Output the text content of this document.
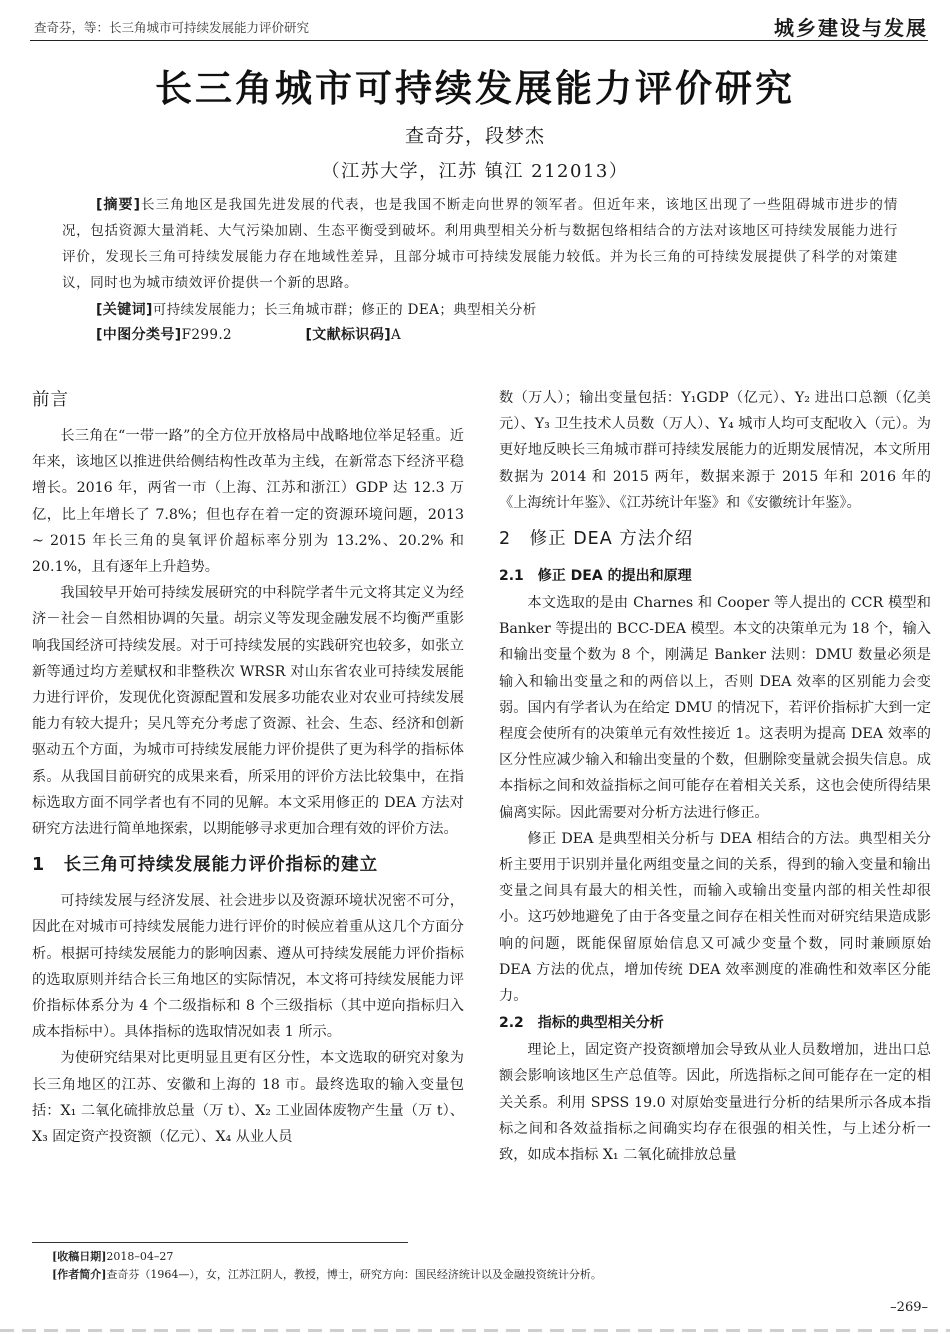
查奇芬，等：长三角城市可持续发展能力评价研究	城乡建设与发展
长三角城市可持续发展能力评价研究
查奇芬，段梦杰
（江苏大学，江苏 镇江 212013）
[摘要]长三角地区是我国先进发展的代表，也是我国不断走向世界的领军者。但近年来，该地区出现了一些阻碍城市进步的情况，包括资源大量消耗、大气污染加剧、生态平衡受到破坏。利用典型相关分析与数据包络相结合的方法对该地区可持续发展能力进行评价，发现长三角可持续发展能力存在地域性差异，且部分城市可持续发展能力较低。并为长三角的可持续发展提供了科学的对策建议，同时也为城市绩效评价提供一个新的思路。
[关键词]可持续发展能力；长三角城市群；修正的 DEA；典型相关分析
[中图分类号]F299.2	[文献标识码]A
前言

长三角在“一带一路”的全方位开放格局中战略地位举足轻重。近年来，该地区以推进供给侧结构性改革为主线，在新常态下经济平稳增长。2016 年，两省一市（上海、江苏和浙江）GDP 达 12.3 万亿，比上年增长了 7.8%；但也存在着一定的资源环境问题，2013 ~ 2015 年长三角的臭氧评价超标率分别为 13.2%、20.2% 和 20.1%，且有逐年上升趋势。

我国较早开始可持续发展研究的中科院学者牛元文将其定义为经济－社会－自然相协调的矢量。胡宗义等发现金融发展不均衡严重影响我国经济可持续发展。对于可持续发展的实践研究也较多，如张立新等通过均方差赋权和非整秩次 WRSR 对山东省农业可持续发展能力进行评价，发现优化资源配置和发展多功能农业对农业可持续发展能力有较大提升；吴凡等充分考虑了资源、社会、生态、经济和创新驱动五个方面，为城市可持续发展能力评价提供了更为科学的指标体系。从我国目前研究的成果来看，所采用的评价方法比较集中，在指标选取方面不同学者也有不同的见解。本文采用修正的 DEA 方法对研究方法进行简单地探索，以期能够寻求更加合理有效的评价方法。

1　长三角可持续发展能力评价指标的建立

可持续发展与经济发展、社会进步以及资源环境状况密不可分，因此在对城市可持续发展能力进行评价的时候应着重从这几个方面分析。根据可持续发展能力的影响因素、遵从可持续发展能力评价指标的选取原则并结合长三角地区的实际情况，本文将可持续发展能力评价指标体系分为 4 个二级指标和 8 个三级指标（其中逆向指标归入成本指标中）。具体指标的选取情况如表 1 所示。

为使研究结果对比更明显且更有区分性，本文选取的研究对象为长三角地区的江苏、安徽和上海的 18 市。最终选取的输入变量包括：X₁ 二氧化硫排放总量（万 t）、X₂ 工业固体废物产生量（万 t）、X₃ 固定资产投资额（亿元）、X₄ 从业人员

数（万人）；输出变量包括：Y₁GDP（亿元）、Y₂ 进出口总额（亿美元）、Y₃ 卫生技术人员数（万人）、Y₄ 城市人均可支配收入（元）。为更好地反映长三角城市群可持续发展能力的近期发展情况，本文所用数据为 2014 和 2015 两年，数据来源于 2015 年和 2016 年的《上海统计年鉴》、《江苏统计年鉴》和《安徽统计年鉴》。

2　修正 DEA 方法介绍
2.1　修正 DEA 的提出和原理

本文选取的是由 Charnes 和 Cooper 等人提出的 CCR 模型和 Banker 等提出的 BCC-DEA 模型。本文的决策单元为 18 个，输入和输出变量个数为 8 个，刚满足 Banker 法则：DMU 数量必须是输入和输出变量之和的两倍以上，否则 DEA 效率的区别能力会变弱。国内有学者认为在给定 DMU 的情况下，若评价指标扩大到一定程度会使所有的决策单元有效性接近 1。这表明为提高 DEA 效率的区分性应减少输入和输出变量的个数，但删除变量就会损失信息。成本指标之间和效益指标之间可能存在着相关关系，这也会使所得结果偏离实际。因此需要对分析方法进行修正。

修正 DEA 是典型相关分析与 DEA 相结合的方法。典型相关分析主要用于识别并量化两组变量之间的关系，得到的输入变量和输出变量之间具有最大的相关性，而输入或输出变量内部的相关性却很小。这巧妙地避免了由于各变量之间存在相关性而对研究结果造成影响的问题，既能保留原始信息又可减少变量个数，同时兼顾原始 DEA 方法的优点，增加传统 DEA 效率测度的准确性和效率区分能力。

2.2　指标的典型相关分析

理论上，固定资产投资额增加会导致从业人员数增加，进出口总额会影响该地区生产总值等。因此，所选指标之间可能存在一定的相关关系。利用 SPSS 19.0 对原始变量进行分析的结果所示各成本指标之间和各效益指标之间确实均存在很强的相关性，与上述分析一致，如成本指标 X₁ 二氧化硫排放总量

[收稿日期]2018–04–27
[作者简介]查奇芬（1964—），女，江苏江阴人，教授，博士，研究方向：国民经济统计以及金融投资统计分析。
–269–
